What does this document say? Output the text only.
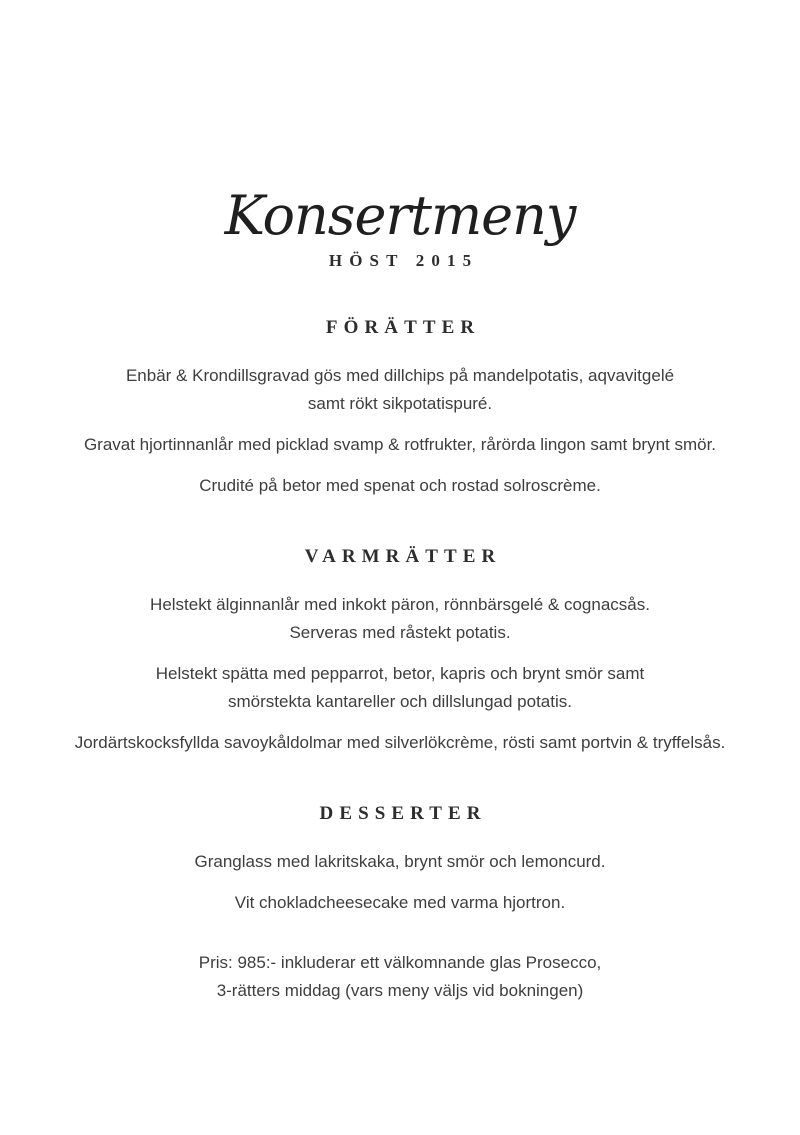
Konsertmeny
HÖST 2015
FÖRÄTTER

Enbär & Krondillsgravad gös med dillchips på mandelpotatis, aqvavitgelé
samt rökt sikpotatispuré.

Gravat hjortinnanlår med picklad svamp & rotfrukter, rårörda lingon samt brynt smör.

Crudité på betor med spenat och rostad solroscrème.

VARMRÄTTER

Helstekt älginnanlår med inkokt päron, rönnbärsgelé & cognacsås.
Serveras med råstekt potatis.

Helstekt spätta med pepparrot, betor, kapris och brynt smör samt
smörstekta kantareller och dillslungad potatis.

Jordärtskocksfyllda savoykåldolmar med silverlökcrème, rösti samt portvin & tryffelsås.

DESSERTER

Granglass med lakritskaka, brynt smör och lemoncurd.

Vit chokladcheesecake med varma hjortron.

Pris: 985:- inkluderar ett välkomnande glas Prosecco,
3-rätters middag (vars meny väljs vid bokningen)
